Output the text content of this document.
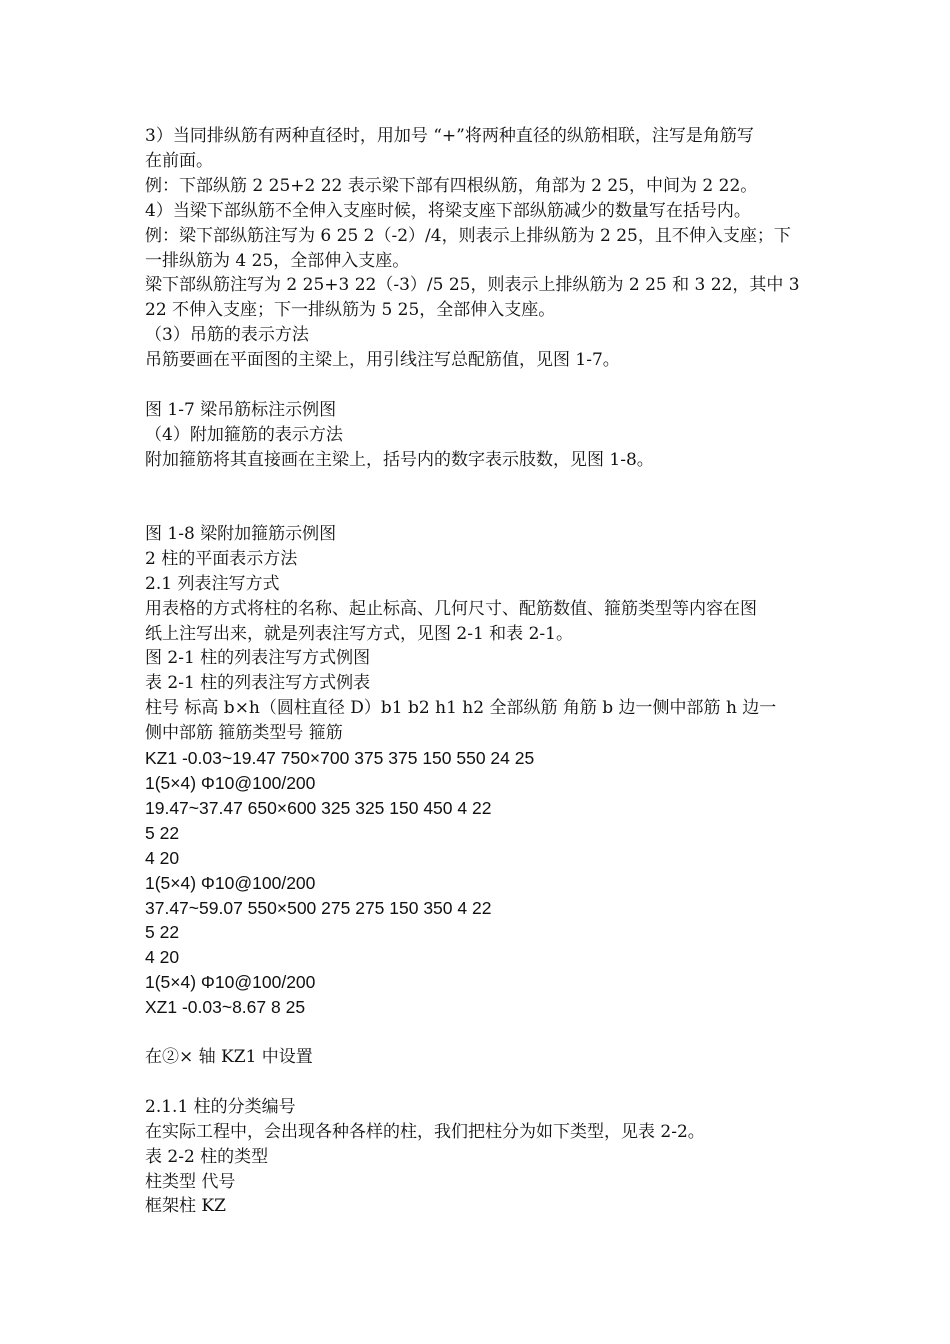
3）当同排纵筋有两种直径时，用加号 “+”将两种直径的纵筋相联，注写是角筋写
在前面。
例：下部纵筋 2 25+2 22 表示梁下部有四根纵筋，角部为 2 25，中间为 2 22。
4）当梁下部纵筋不全伸入支座时候，将梁支座下部纵筋减少的数量写在括号内。
例：梁下部纵筋注写为 6 25 2（-2）/4，则表示上排纵筋为 2 25，且不伸入支座；下
一排纵筋为 4 25，全部伸入支座。
梁下部纵筋注写为 2 25+3 22（-3）/5 25，则表示上排纵筋为 2 25 和 3 22，其中 3
22 不伸入支座；下一排纵筋为 5 25，全部伸入支座。
（3）吊筋的表示方法
吊筋要画在平面图的主梁上，用引线注写总配筋值，见图 1-7。
图 1-7 梁吊筋标注示例图
（4）附加箍筋的表示方法
附加箍筋将其直接画在主梁上，括号内的数字表示肢数，见图 1-8。
图 1-8 梁附加箍筋示例图
2 柱的平面表示方法
2.1 列表注写方式
用表格的方式将柱的名称、起止标高、几何尺寸、配筋数值、箍筋类型等内容在图
纸上注写出来，就是列表注写方式，见图 2-1 和表 2-1。
图 2-1 柱的列表注写方式例图
表 2-1 柱的列表注写方式例表
柱号 标高 b×h（圆柱直径 D）b1 b2 h1 h2 全部纵筋 角筋 b 边一侧中部筋 h 边一
侧中部筋 箍筋类型号 箍筋
KZ1 -0.03~19.47 750×700 375 375 150 550 24 25
1(5×4) Φ10@100/200
19.47~37.47 650×600 325 325 150 450 4 22
5 22
4 20
1(5×4) Φ10@100/200
37.47~59.07 550×500 275 275 150 350 4 22
5 22
4 20
1(5×4) Φ10@100/200
XZ1 -0.03~8.67 8 25
在②× 轴 KZ1 中设置
2.1.1 柱的分类编号
在实际工程中，会出现各种各样的柱，我们把柱分为如下类型，见表 2-2。
表 2-2 柱的类型
柱类型 代号
框架柱 KZ
